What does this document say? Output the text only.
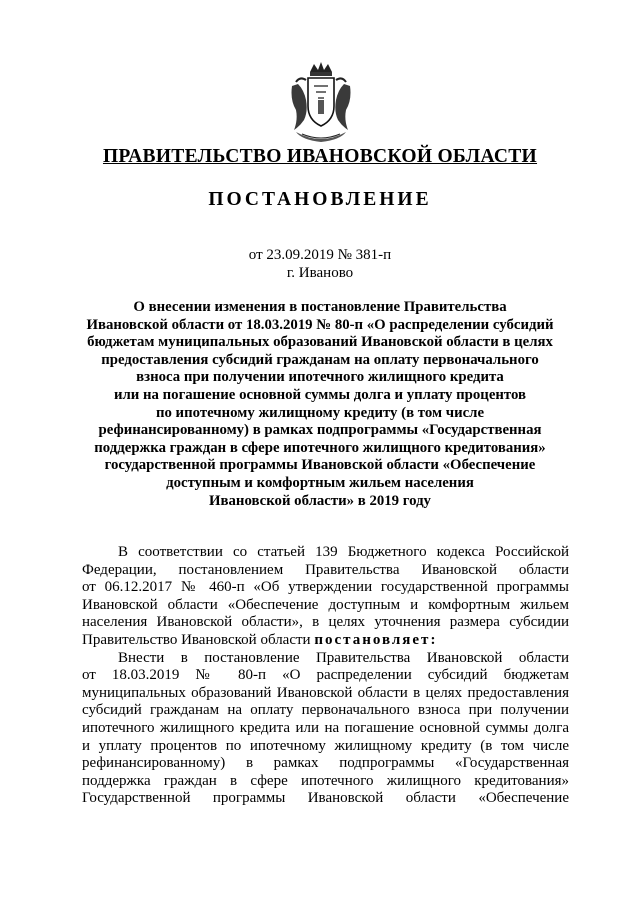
ПРАВИТЕЛЬСТВО ИВАНОВСКОЙ ОБЛАСТИ
ПОСТАНОВЛЕНИЕ
от 23.09.2019 № 381-п
г. Иваново
О внесении изменения в постановление Правительства
Ивановской области от 18.03.2019 № 80-п «О распределении субсидий
бюджетам муниципальных образований Ивановской области в целях
предоставления субсидий гражданам на оплату первоначального
взноса при получении ипотечного жилищного кредита
или на погашение основной суммы долга и уплату процентов
по ипотечному жилищному кредиту (в том числе
рефинансированному) в рамках подпрограммы «Государственная
поддержка граждан в сфере ипотечного жилищного кредитования»
государственной программы Ивановской области «Обеспечение
доступным и комфортным жильем населения
Ивановской области» в 2019 году
В соответствии со статьей 139 Бюджетного кодекса Российской
Федерации, постановлением Правительства Ивановской области
от 06.12.2017 № 460-п «Об утверждении государственной программы
Ивановской области «Обеспечение доступным и комфортным жильем
населения Ивановской области», в целях уточнения размера субсидии
Правительство Ивановской области постановляет:
Внести в постановление Правительства Ивановской области
от 18.03.2019 № 80-п «О распределении субсидий бюджетам
муниципальных образований Ивановской области в целях предоставления
субсидий гражданам на оплату первоначального взноса при получении
ипотечного жилищного кредита или на погашение основной суммы долга
и уплату процентов по ипотечному жилищному кредиту (в том числе
рефинансированному) в рамках подпрограммы «Государственная
поддержка граждан в сфере ипотечного жилищного кредитования»
Государственной программы Ивановской области «Обеспечение
